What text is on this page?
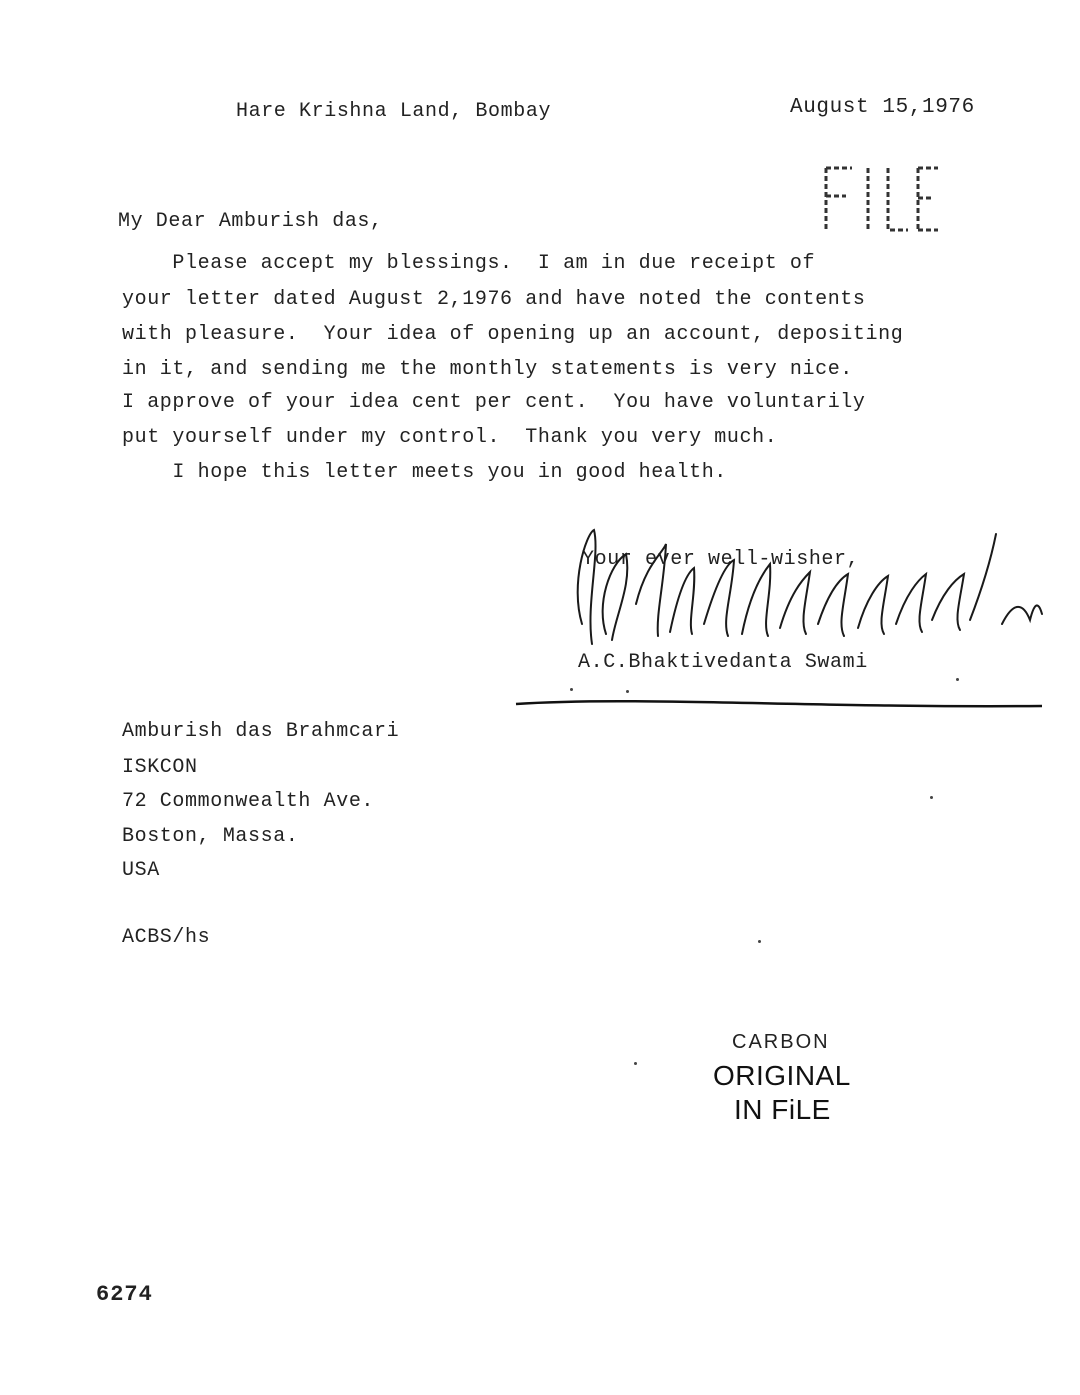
Hare Krishna Land, Bombay	August 15,1976
My Dear Amburish das,
Please accept my blessings.  I am in due receipt of
your letter dated August 2,1976 and have noted the contents
with pleasure.  Your idea of opening up an account, depositing
in it, and sending me the monthly statements is very nice.
I approve of your idea cent per cent.  You have voluntarily
put yourself under my control.  Thank you very much.
I hope this letter meets you in good health.
Your ever well-wisher,
A.C.Bhaktivedanta Swami
Amburish das Brahmcari
ISKCON
72 Commonwealth Ave.
Boston, Massa.
USA
ACBS/hs
CARBON
ORIGINAL
IN FiLE
6274
